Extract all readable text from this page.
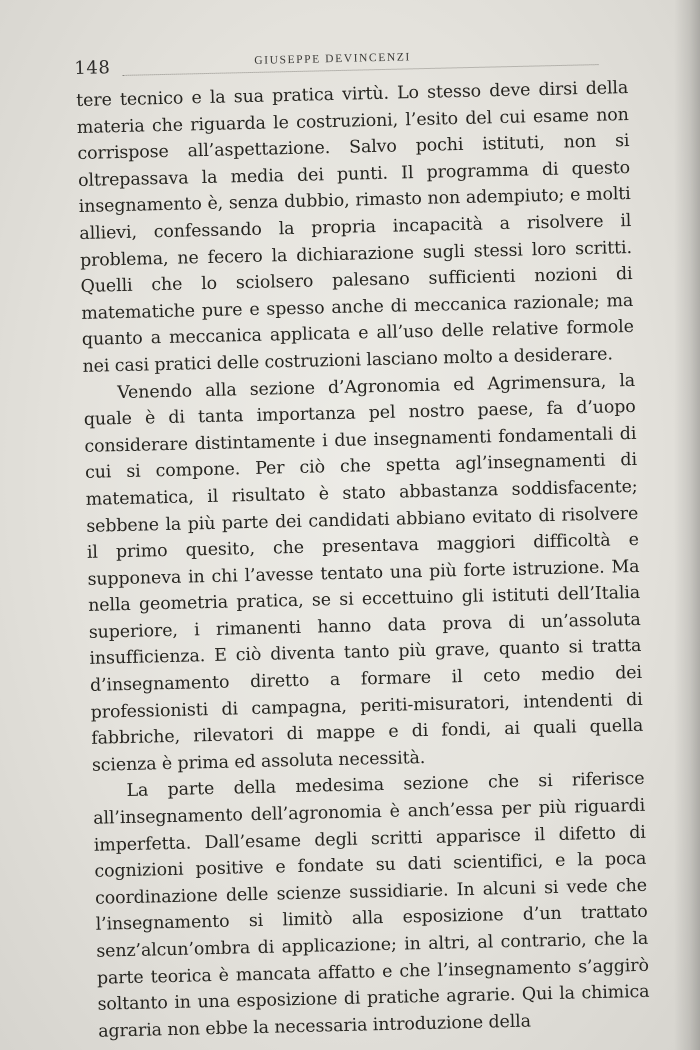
148	GIUSEPPE DEVINCENZI

tere tecnico e la sua pratica virtù. Lo stesso deve dirsi della materia che riguarda le costruzioni, l’esito del cui esame non corrispose all’aspettazione. Salvo pochi istituti, non si oltrepassava la media dei punti. Il programma di questo insegnamento è, senza dubbio, rimasto non adempiuto; e molti allievi, confessando la propria incapacità a risolvere il problema, ne fecero la dichiarazione sugli stessi loro scritti. Quelli che lo sciolsero palesano sufficienti nozioni di matematiche pure e spesso anche di meccanica razionale; ma quanto a meccanica applicata e all’uso delle relative formole nei casi pratici delle costruzioni lasciano molto a desiderare.

Venendo alla sezione d’Agronomia ed Agrimensura, la quale è di tanta importanza pel nostro paese, fa d’uopo considerare distintamente i due insegnamenti fondamentali di cui si compone. Per ciò che spetta agl’insegnamenti di matematica, il risultato è stato abbastanza soddisfacente; sebbene la più parte dei candidati abbiano evitato di risolvere il primo quesito, che presentava maggiori difficoltà e supponeva in chi l’avesse tentato una più forte istruzione. Ma nella geometria pratica, se si eccettuino gli istituti dell’Italia superiore, i rimanenti hanno data prova di un’assoluta insufficienza. E ciò diventa tanto più grave, quanto si tratta d’insegnamento diretto a formare il ceto medio dei professionisti di campagna, periti-misuratori, intendenti di fabbriche, rilevatori di mappe e di fondi, ai quali quella scienza è prima ed assoluta necessità.

La parte della medesima sezione che si riferisce all’insegnamento dell’agronomia è anch’essa per più riguardi imperfetta. Dall’esame degli scritti apparisce il difetto di cognizioni positive e fondate su dati scientifici, e la poca coordinazione delle scienze sussidiarie. In alcuni si vede che l’insegnamento si limitò alla esposizione d’un trattato senz’alcun’ombra di applicazione; in altri, al contrario, che la parte teorica è mancata affatto e che l’insegnamento s’aggirò soltanto in una esposizione di pratiche agrarie. Qui la chimica agraria non ebbe la necessaria introduzione della
